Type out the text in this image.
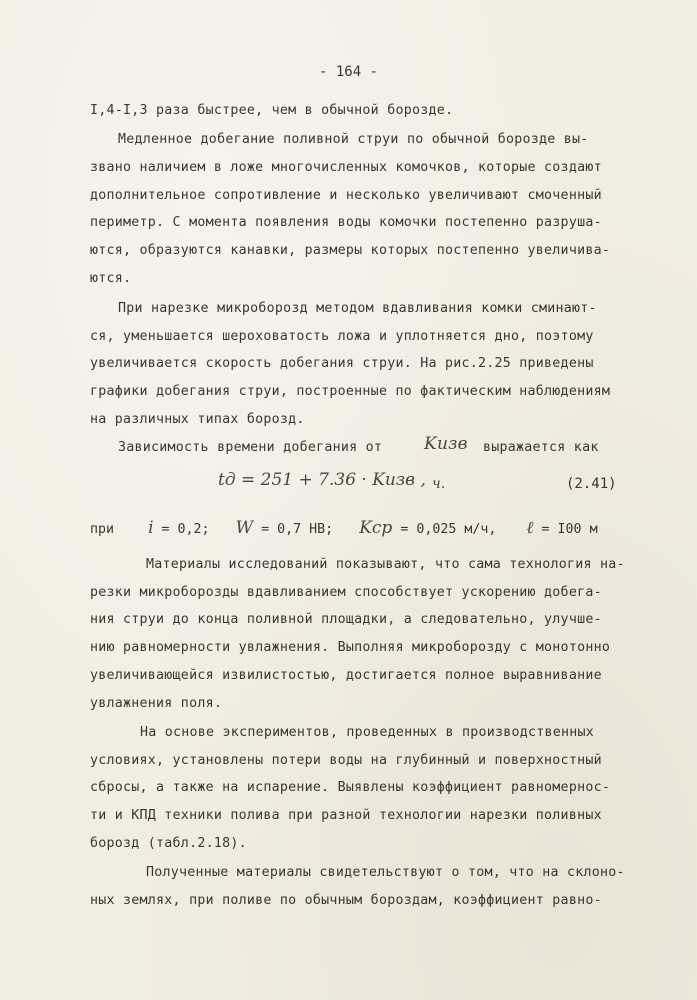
- 164 -
I,4-I,3 раза быстрее, чем в обычной борозде.
Медленное добегание поливной струи по обычной борозде вы-
звано наличием в ложе многочисленных комочков, которые создают
дополнительное сопротивление и несколько увеличивают смоченный
периметр. С момента появления воды комочки постепенно разруша-
ются, образуются канавки, размеры которых постепенно увеличива-
ются.
При нарезке микроборозд методом вдавливания комки сминают-
ся, уменьшается шероховатость ложа и уплотняется дно, поэтому
увеличивается скорость добегания струи. На рис.2.25 приведены
графики добегания струи, построенные по фактическим наблюдениям
на различных типах борозд.
Зависимость времени добегания от Kизв выражается как
tд = 251 + 7.36 · Kизв , ч.	(2.41)
при i = 0,2; W = 0,7 НВ; Kср = 0,025 м/ч, ℓ = I00 м
Материалы исследований показывают, что сама технология на-
резки микроборозды вдавливанием способствует ускорению добега-
ния струи до конца поливной площадки, а следовательно, улучше-
нию равномерности увлажнения. Выполняя микроборозду с монотонно
увеличивающейся извилистостью, достигается полное выравнивание
увлажнения поля.
На основе экспериментов, проведенных в производственных
условиях, установлены потери воды на глубинный и поверхностный
сбросы, а также на испарение. Выявлены коэффициент равномернос-
ти и КПД техники полива при разной технологии нарезки поливных
борозд (табл.2.18).
Полученные материалы свидетельствуют о том, что на склоно-
ных землях, при поливе по обычным бороздам, коэффициент равно-
